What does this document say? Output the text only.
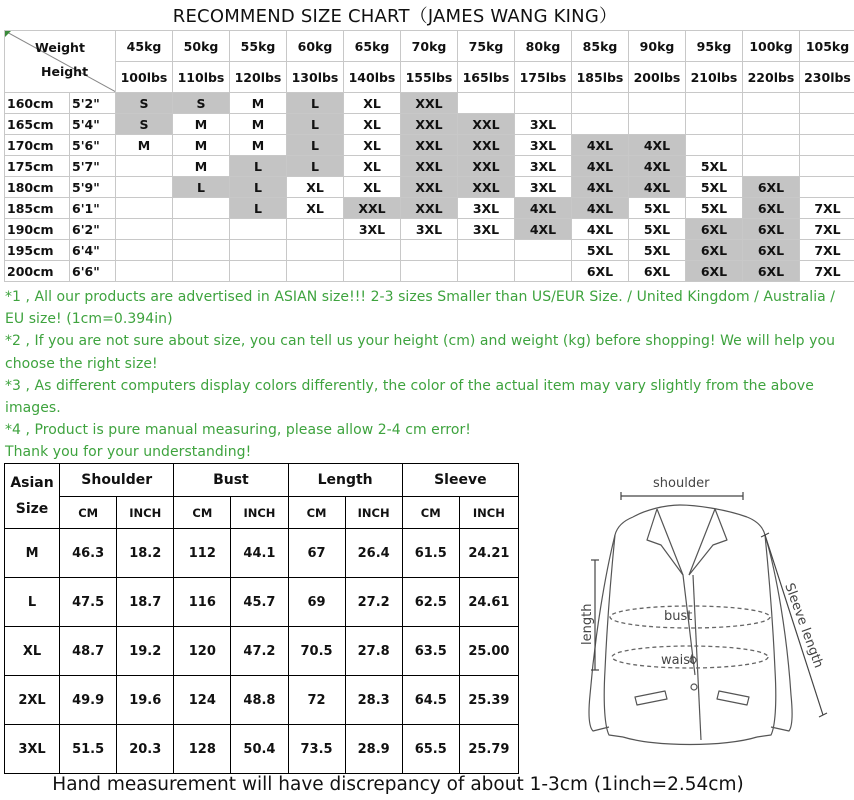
RECOMMEND SIZE CHART（JAMES WANG KING）
Weight
Height		45kg	50kg	55kg	60kg	65kg	70kg	75kg	80kg	85kg	90kg	95kg	100kg	105kg
		100lbs	110lbs	120lbs	130lbs	140lbs	155lbs	165lbs	175lbs	185lbs	200lbs	210lbs	220lbs	230lbs
160cm	5'2"	S	S	M	L	XL	XXL							
165cm	5'4"	S	M	M	L	XL	XXL	XXL	3XL					
170cm	5'6"	M	M	M	L	XL	XXL	XXL	3XL	4XL	4XL			
175cm	5'7"		M	L	L	XL	XXL	XXL	3XL	4XL	4XL	5XL		
180cm	5'9"		L	L	XL	XL	XXL	XXL	3XL	4XL	4XL	5XL	6XL	
185cm	6'1"			L	XL	XXL	XXL	3XL	4XL	4XL	5XL	5XL	6XL	7XL
190cm	6'2"					3XL	3XL	3XL	4XL	4XL	5XL	6XL	6XL	7XL
195cm	6'4"									5XL	5XL	6XL	6XL	7XL
200cm	6'6"									6XL	6XL	6XL	6XL	7XL

*1 , All our products are advertised in ASIAN size!!! 2-3 sizes Smaller than US/EUR Size. / United Kingdom / Australia / EU size! (1cm=0.394in)

*2 , If you are not sure about size, you can tell us your height (cm) and weight (kg) before shopping! We will help you choose the right size!

*3 , As different computers display colors differently, the color of the actual item may vary slightly from the above images.

*4 , Product is pure manual measuring, please allow 2-4 cm error!

Thank you for your understanding!

Asian
Size	Shoulder		Bust		Length		Sleeve	
	CM	INCH	CM	INCH	CM	INCH	CM	INCH
M	46.3	18.2	112	44.1	67	26.4	61.5	24.21
L	47.5	18.7	116	45.7	69	27.2	62.5	24.61
XL	48.7	19.2	120	47.2	70.5	27.8	63.5	25.00
2XL	49.9	19.6	124	48.8	72	28.3	64.5	25.39
3XL	51.5	20.3	128	50.4	73.5	28.9	65.5	25.79
shoulder
length	bust
waist	Sleeve length
Hand measurement will have discrepancy of about 1-3cm (1inch=2.54cm)
